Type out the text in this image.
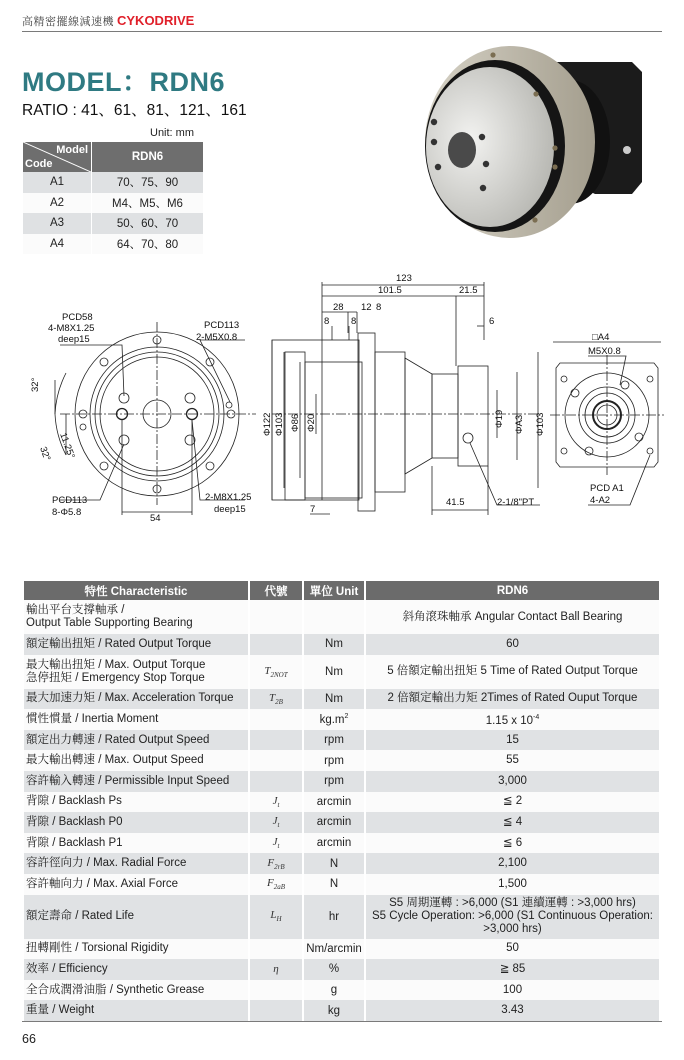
高精密擺線減速機 CYKODRIVE
MODEL：RDN6
RATIO : 41、61、81、121、161
Unit: mm
Model
Code	RDN6
A1	70、75、90
A2	M4、M5、M6
A3	50、60、70
A4	64、70、80
PCD58
4-M8X1.25
deep15
PCD113
2-M5X0.8
32°
32° 11.25°
PCD113
8-Φ5.8
54
2-M8X1.25
deep15
123
101.5	21.5
28 12 8
8 8	6
7
41.5	2-1/8"PT
Φ122 Φ103 Φ86 Φ20	Φ19 ΦA3 Φ103
□A4
M5X0.8
PCD A1
4-A2
特性 Characteristic	代號	單位 Unit	RDN6
輸出平台支撐軸承 /
Output Table Supporting Bearing			斜角滾珠軸承 Angular Contact Ball Bearing
額定輸出扭矩 / Rated Output Torque		Nm	60
最大輸出扭矩 / Max. Output Torque
急停扭矩 / Emergency Stop Torque	$T_{2NOT}$	Nm	5 倍額定輸出扭矩 5 Time of Rated Output Torque
最大加速力矩 / Max. Acceleration Torque	$T_{2B}$	Nm	2 倍額定輸出力矩 2Times of Rated Ouput Torque
慣性慣量 / Inertia Moment		$kg.m^2$	1.15 x $10^{-4}$
額定出力轉速 / Rated Output Speed		rpm	15
最大輸出轉速 / Max. Output Speed		rpm	55
容許輸入轉速 / Permissible Input Speed		rpm	3,000
背隙 / Backlash Ps	$J_t$	arcmin	≦ 2
背隙 / Backlash P0	$J_t$	arcmin	≦ 4
背隙 / Backlash P1	$J_t$	arcmin	≦ 6
容許徑向力 / Max. Radial Force	$F_{2rB}$	N	2,100
容許軸向力 / Max. Axial Force	$F_{2aB}$	N	1,500
額定壽命 / Rated Life	$L_H$	hr	S5 周期運轉 : >6,000 (S1 連續運轉 : >3,000 hrs)
S5 Cycle Operation: >6,000 (S1 Continuous Operation:
>3,000 hrs)
扭轉剛性 / Torsional Rigidity		Nm/arcmin	50
效率 / Efficiency	η	%	≧ 85
全合成潤滑油脂 / Synthetic Grease		g	100
重量 / Weight		kg	3.43
66
